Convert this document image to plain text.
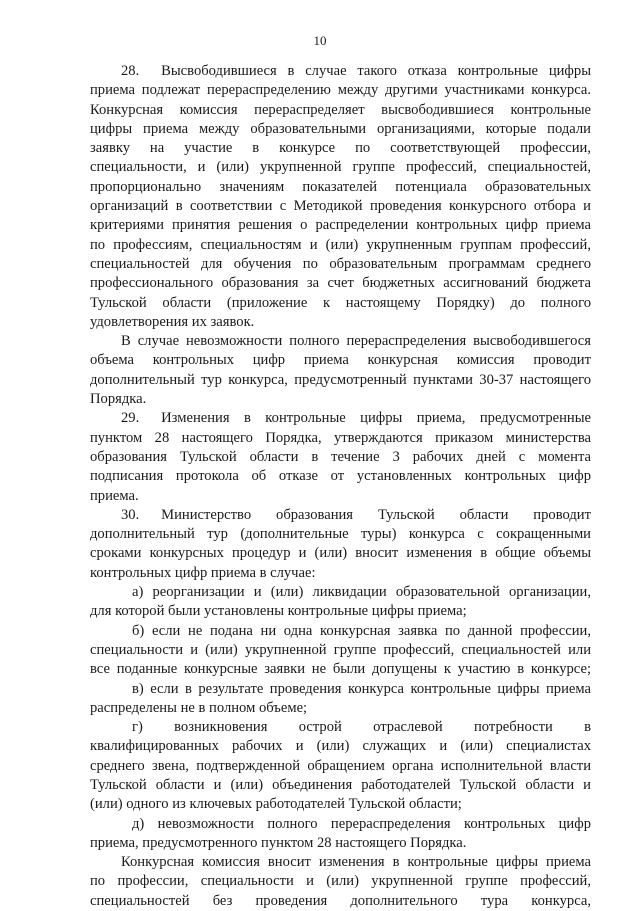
10
28.  Высвободившиеся в случае такого отказа контрольные цифры
приема подлежат перераспределению между другими участниками конкурса.
Конкурсная комиссия перераспределяет высвободившиеся контрольные
цифры приема между образовательными организациями, которые подали
заявку на участие в конкурсе по соответствующей профессии,
специальности, и (или) укрупненной группе профессий, специальностей,
пропорционально значениям показателей потенциала образовательных
организаций в соответствии с Методикой проведения конкурсного отбора и
критериями принятия решения о распределении контрольных цифр приема
по профессиям, специальностям и (или) укрупненным группам профессий,
специальностей для обучения по образовательным программам среднего
профессионального образования за счет бюджетных ассигнований бюджета
Тульской области (приложение к настоящему Порядку) до полного
удовлетворения их заявок.
В случае невозможности полного перераспределения высвободившегося
объема контрольных цифр приема конкурсная комиссия проводит
дополнительный тур конкурса, предусмотренный пунктами 30-37 настоящего
Порядка.
29.  Изменения в контрольные цифры приема, предусмотренные
пунктом 28 настоящего Порядка, утверждаются приказом министерства
образования Тульской области в течение 3 рабочих дней с момента
подписания протокола об отказе от установленных контрольных цифр
приема.
30.  Министерство образования Тульской области проводит
дополнительный тур (дополнительные туры) конкурса с сокращенными
сроками конкурсных процедур и (или) вносит изменения в общие объемы
контрольных цифр приема в случае:
а) реорганизации и (или) ликвидации образовательной организации,
для которой были установлены контрольные цифры приема;
б) если не подана ни одна конкурсная заявка по данной профессии,
специальности и (или) укрупненной группе профессий, специальностей или
все поданные конкурсные заявки не были допущены к участию в конкурсе;
в) если в результате проведения конкурса контрольные цифры приема
распределены не в полном объеме;
г) возникновения острой отраслевой потребности в
квалифицированных рабочих и (или) служащих и (или) специалистах
среднего звена, подтвержденной обращением органа исполнительной власти
Тульской области и (или) объединения работодателей Тульской области и
(или) одного из ключевых работодателей Тульской области;
д) невозможности полного перераспределения контрольных цифр
приема, предусмотренного пунктом 28 настоящего Порядка.
Конкурсная комиссия вносит изменения в контрольные цифры приема
по профессии, специальности и (или) укрупненной группе профессий,
специальностей без проведения дополнительного тура конкурса,
